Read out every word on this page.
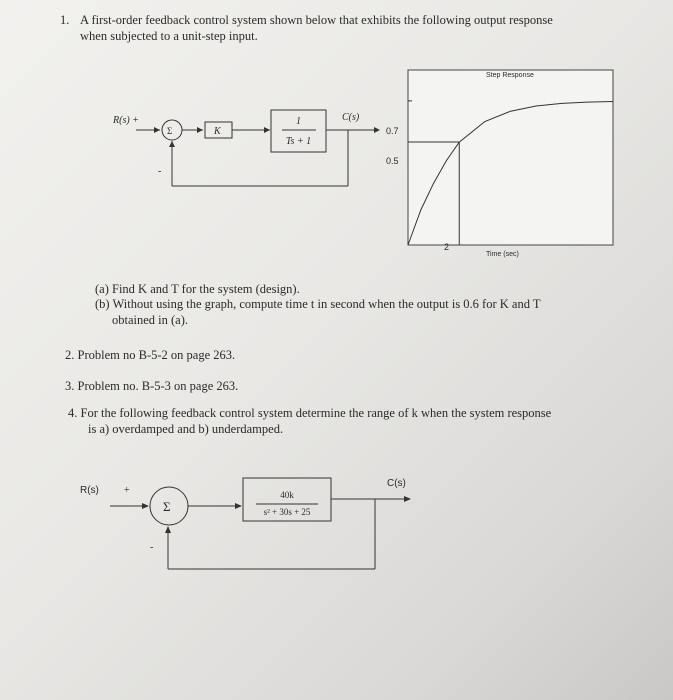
1. A first-order feedback control system shown below that exhibits the following output response
when subjected to a unit-step input.
R(s) +
-
Σ	K
1
Ts + 1
C(s)
Step Response
Time (sec)
0.7
0.5
2
(a) Find K and T for the system (design).
(b) Without using the graph, compute time t in second when the output is 0.6 for K and T
obtained in (a).
2. Problem no B-5-2 on page 263.
3. Problem no. B-5-3 on page 263.
4. For the following feedback control system determine the range of k when the system response
is a) overdamped and b) underdamped.
R(s)	+
-
Σ
40k
s² + 30s + 25
C(s)
